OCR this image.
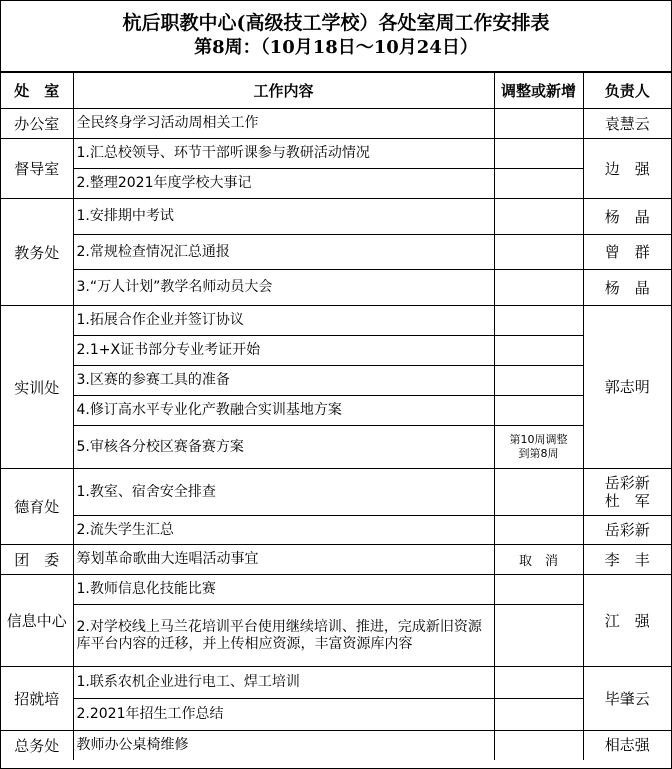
杭后职教中心(高级技工学校）各处室周工作安排表
第8周：（10月18日～10月24日）
处　室	工作内容	调整或新增	负责人
办公室	全民终身学习活动周相关工作		袁慧云
督导室	1.汇总校领导、环节干部听课参与教研活动情况		边　强
	2.整理2021年度学校大事记		
教务处	1.安排期中考试		杨　晶
	2.常规检查情况汇总通报		曾　群
	3.“万人计划”教学名师动员大会		杨　晶
实训处	1.拓展合作企业并签订协议		郭志明
	2.1+X证书部分专业考证开始		
	3.区赛的参赛工具的准备		
	4.修订高水平专业化产教融合实训基地方案		
	5.审核各分校区赛备赛方案	第10周调整
到第8周	

德育处	1.教室、宿舍安全排查		岳彩新
杜　军

	2.流失学生汇总		岳彩新
团　委	筹划革命歌曲大连唱活动事宜	取　消	李　丰
信息中心	1.教师信息化技能比赛		江　强
	2.对学校线上马兰花培训平台使用继续培训、推进，完成新旧资源库平台内容的迁移，并上传相应资源，丰富资源库内容		
招就培	1.联系农机企业进行电工、焊工培训		毕肇云
	2.2021年招生工作总结		
总务处	教师办公桌椅维修		相志强
